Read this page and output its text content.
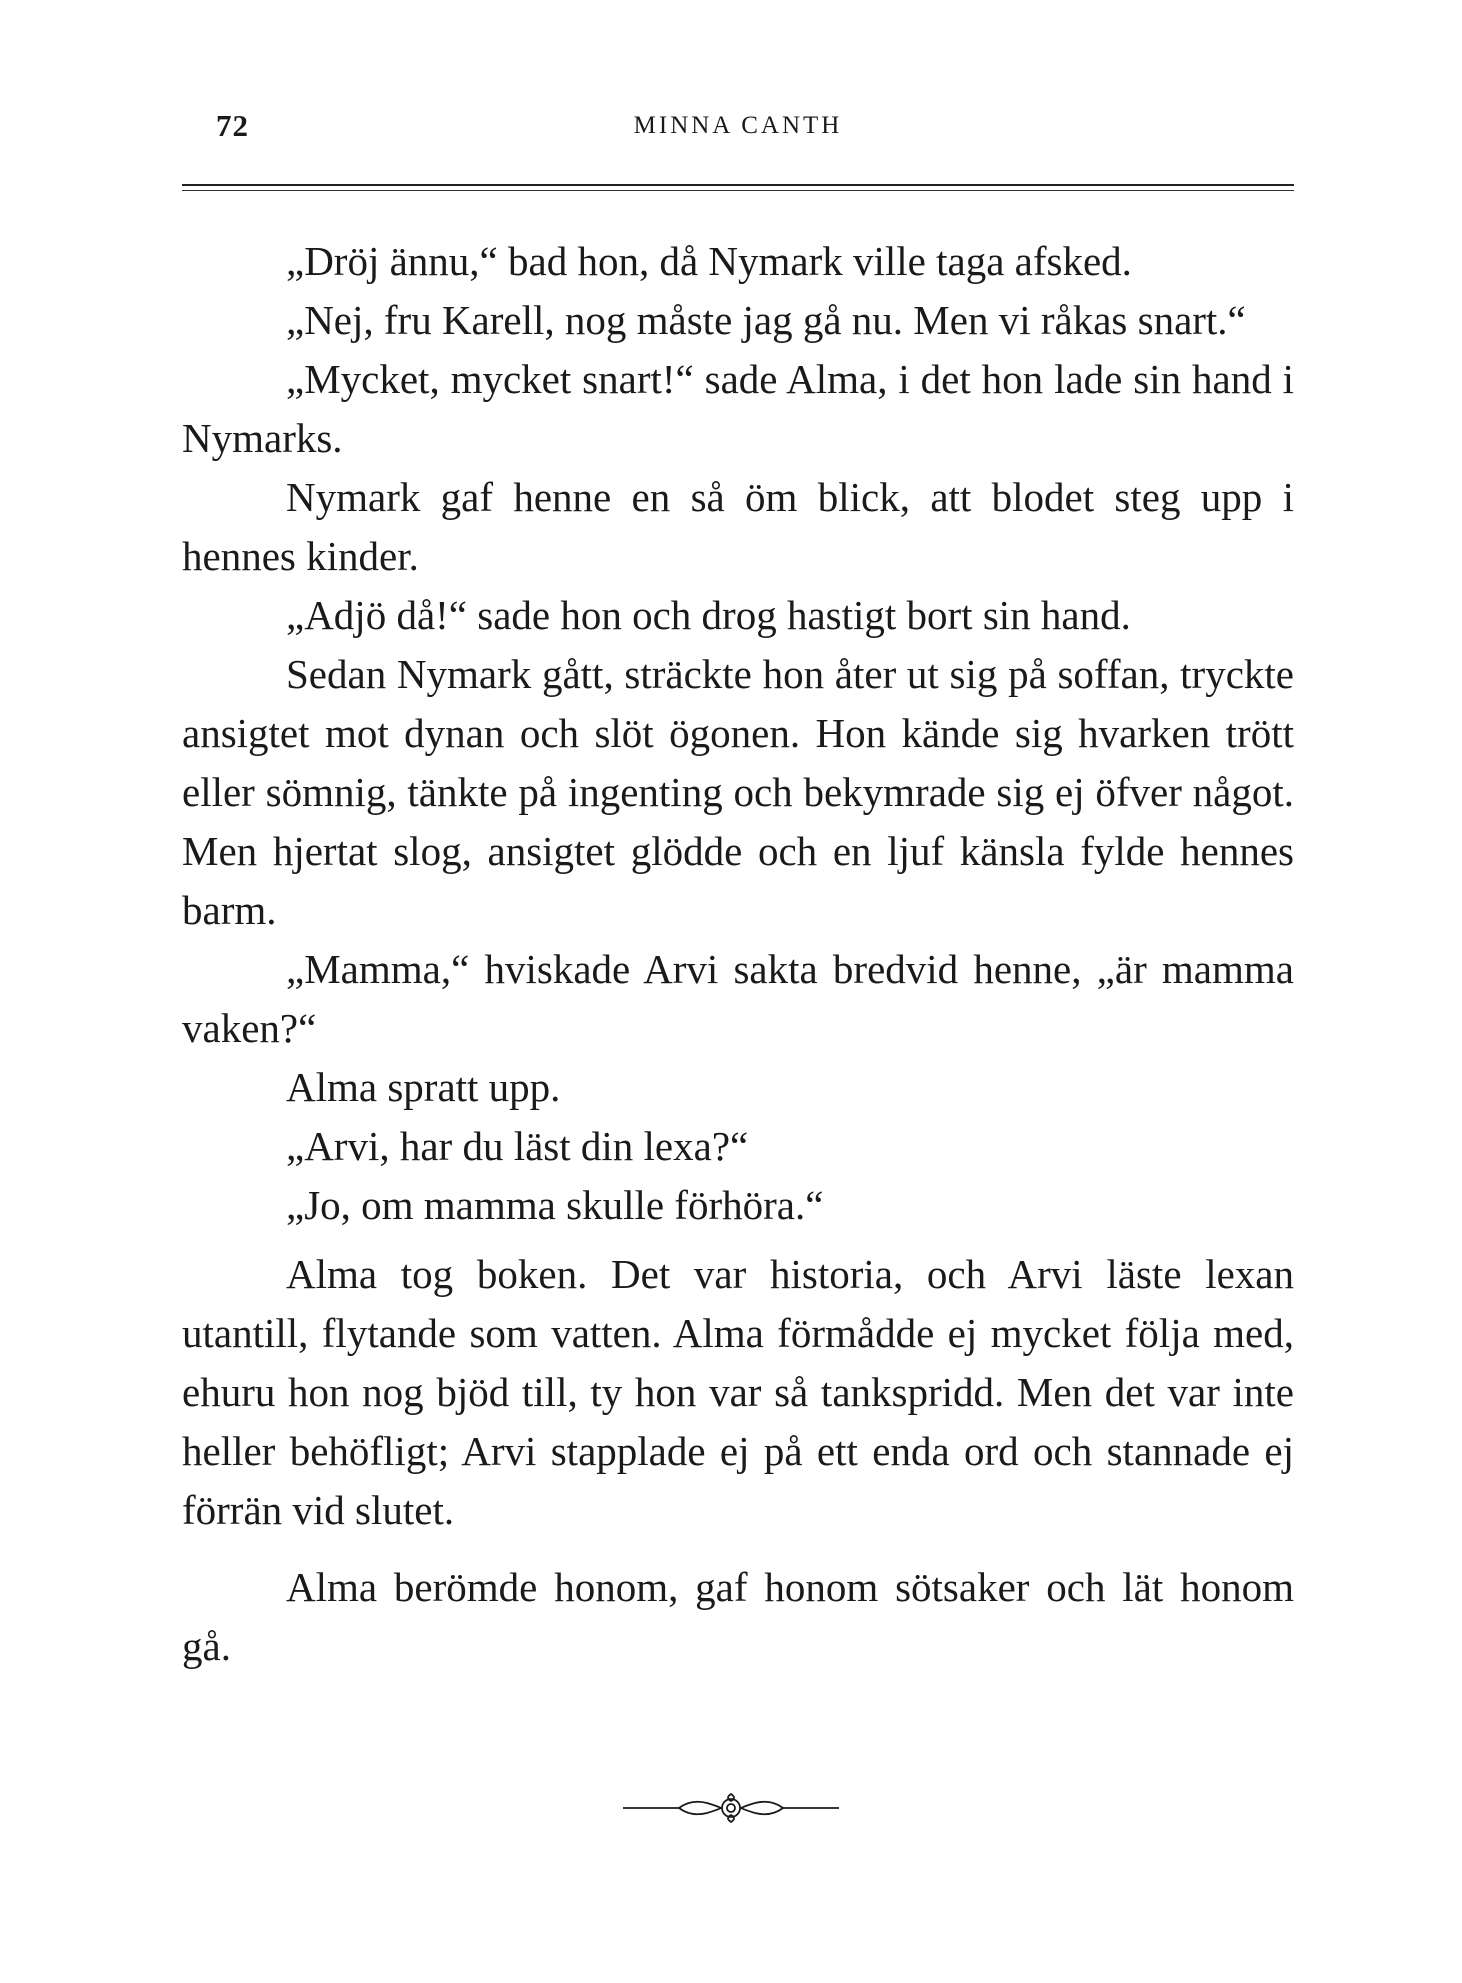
72	MINNA CANTH

„Dröj ännu,“ bad hon, då Nymark ville taga afsked.

„Nej, fru Karell, nog måste jag gå nu. Men vi råkas snart.“

„Mycket, mycket snart!“ sade Alma, i det hon lade sin hand i Nymarks.

Nymark gaf henne en så öm blick, att blodet steg upp i hennes kinder.

„Adjö då!“ sade hon och drog hastigt bort sin hand.

Sedan Nymark gått, sträckte hon åter ut sig på soffan, tryckte ansigtet mot dynan och slöt ögonen. Hon kände sig hvarken trött eller sömnig, tänkte på ingenting och bekymrade sig ej öfver något. Men hjertat slog, ansigtet glödde och en ljuf känsla fylde hennes barm.

„Mamma,“ hviskade Arvi sakta bredvid henne, „är mamma vaken?“

Alma spratt upp.

„Arvi, har du läst din lexa?“

„Jo, om mamma skulle förhöra.“

Alma tog boken. Det var historia, och Arvi läste lexan utantill, flytande som vatten. Alma förmådde ej mycket följa med, ehuru hon nog bjöd till, ty hon var så tankspridd. Men det var inte heller behöfligt; Arvi stapplade ej på ett enda ord och stannade ej förrän vid slutet.

Alma berömde honom, gaf honom sötsaker och lät honom gå.
